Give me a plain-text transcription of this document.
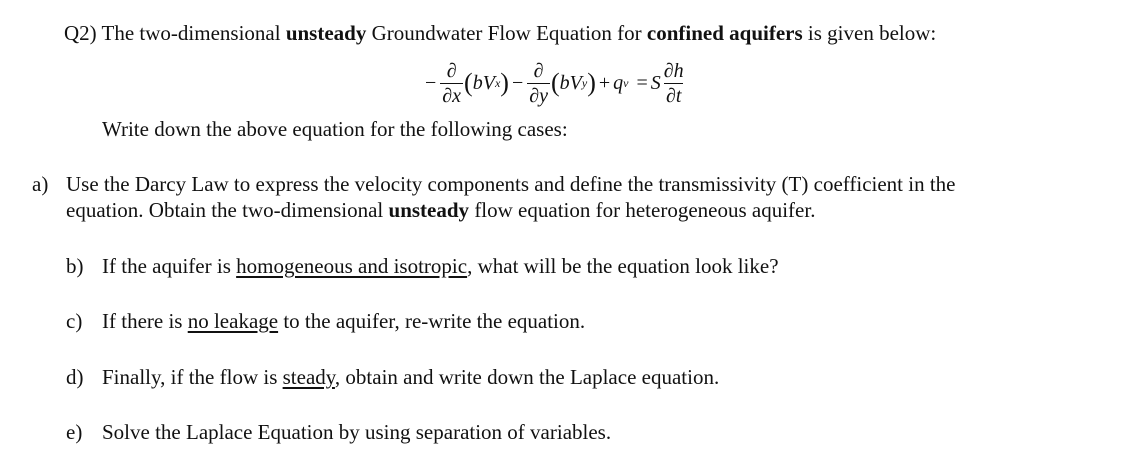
Q2) The two-dimensional unsteady Groundwater Flow Equation for confined aquifers is given below:
− $\frac{\partial}{\partial x}$ ( b V x ) − $\frac{\partial}{\partial y}$ ( b V y ) + q v = S $\frac{\partial h}{\partial t}$
Write down the above equation for the following cases:
a) Use the Darcy Law to express the velocity components and define the transmissivity (T) coefficient in the
equation. Obtain the two-dimensional unsteady flow equation for heterogeneous aquifer.
b) If the aquifer is homogeneous and isotropic, what will be the equation look like?
c) If there is no leakage to the aquifer, re-write the equation.
d) Finally, if the flow is steady, obtain and write down the Laplace equation.
e) Solve the Laplace Equation by using separation of variables.
